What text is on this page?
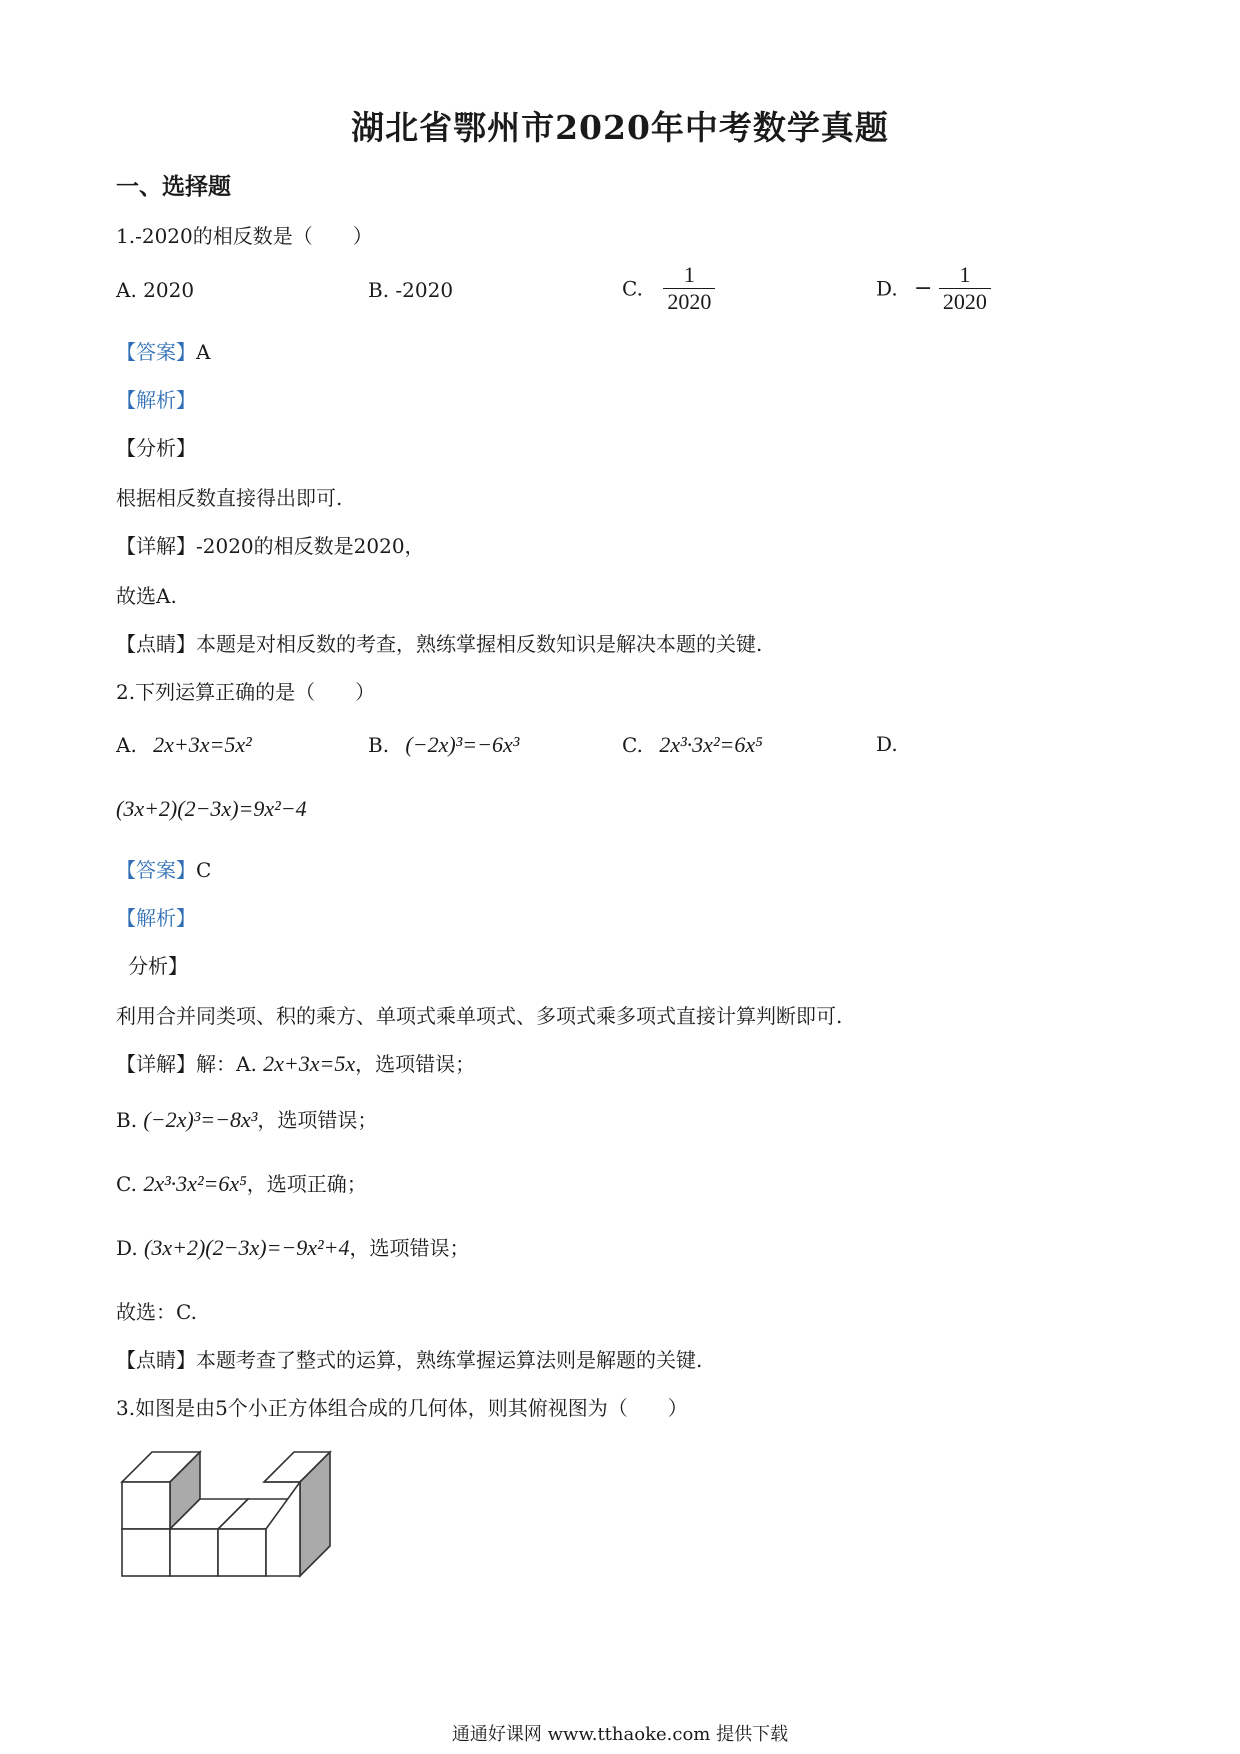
湖北省鄂州市2020年中考数学真题
一、选择题
1.-2020的相反数是（　　）
A. 2020	B. -2020	C. $\frac{1}{2020}$	D. − $\frac{1}{2020}$
【答案】A
【解析】
【分析】
根据相反数直接得出即可.
【详解】-2020的相反数是2020，
故选A.
【点睛】本题是对相反数的考查，熟练掌握相反数知识是解决本题的关键.
2.下列运算正确的是（　　）
A. 2x+3x=5x²	B. (−2x)³=−6x³	C. 2x³·3x²=6x⁵	D.
(3x+2)(2−3x)=9x²−4
【答案】C
【解析】
分析】
利用合并同类项、积的乘方、单项式乘单项式、多项式乘多项式直接计算判断即可.
【详解】解：A. 2x+3x=5x，选项错误；
B. (−2x)³=−8x³，选项错误；
C. 2x³·3x²=6x⁵，选项正确；
D. (3x+2)(2−3x)=−9x²+4，选项错误；
故选：C.
【点睛】本题考查了整式的运算，熟练掌握运算法则是解题的关键.
3.如图是由5个小正方体组合成的几何体，则其俯视图为（　　）
通通好课网 www.tthaoke.com 提供下载
